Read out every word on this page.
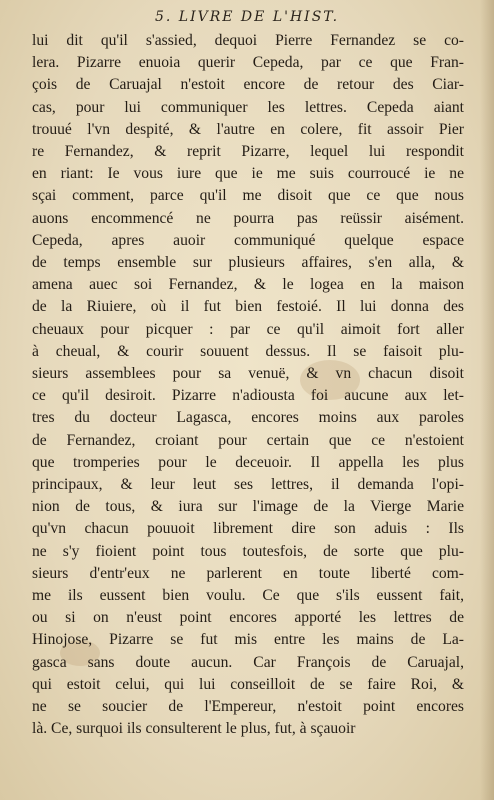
5. LIVRE DE L'HIST.
lui dit qu'il s'assied, dequoi Pierre Fernandez se co-
lera. Pizarre enuoia querir Cepeda, par ce que Fran-
çois de Caruajal n'estoit encore de retour des Ciar-
cas, pour lui communiquer les lettres. Cepeda aiant
trouué l'vn despité, & l'autre en colere, fit assoir Pier
re Fernandez, & reprit Pizarre, lequel lui respondit
en riant: Ie vous iure que ie me suis courroucé ie ne
sçai comment, parce qu'il me disoit que ce que nous
auons encommencé ne pourra pas reüssir aisément.
Cepeda, apres auoir communiqué quelque espace
de temps ensemble sur plusieurs affaires, s'en alla, &
amena auec soi Fernandez, & le logea en la maison
de la Riuiere, où il fut bien festoié. Il lui donna des
cheuaux pour picquer : par ce qu'il aimoit fort aller
à cheual, & courir souuent dessus. Il se faisoit plu-
sieurs assemblees pour sa venuë, & vn chacun disoit
ce qu'il desiroit. Pizarre n'adiousta foi aucune aux let-
tres du docteur Lagasca, encores moins aux paroles
de Fernandez, croiant pour certain que ce n'estoient
que tromperies pour le deceuoir. Il appella les plus
principaux, & leur leut ses lettres, il demanda l'opi-
nion de tous, & iura sur l'image de la Vierge Marie
qu'vn chacun pouuoit librement dire son aduis : Ils
ne s'y fioient point tous toutesfois, de sorte que plu-
sieurs d'entr'eux ne parlerent en toute liberté com-
me ils eussent bien voulu. Ce que s'ils eussent fait,
ou si on n'eust point encores apporté les lettres de
Hinojose, Pizarre se fut mis entre les mains de La-
gasca sans doute aucun. Car François de Caruajal,
qui estoit celui, qui lui conseilloit de se faire Roi, &
ne se soucier de l'Empereur, n'estoit point encores
là. Ce, surquoi ils consulterent le plus, fut, à sçauoir
